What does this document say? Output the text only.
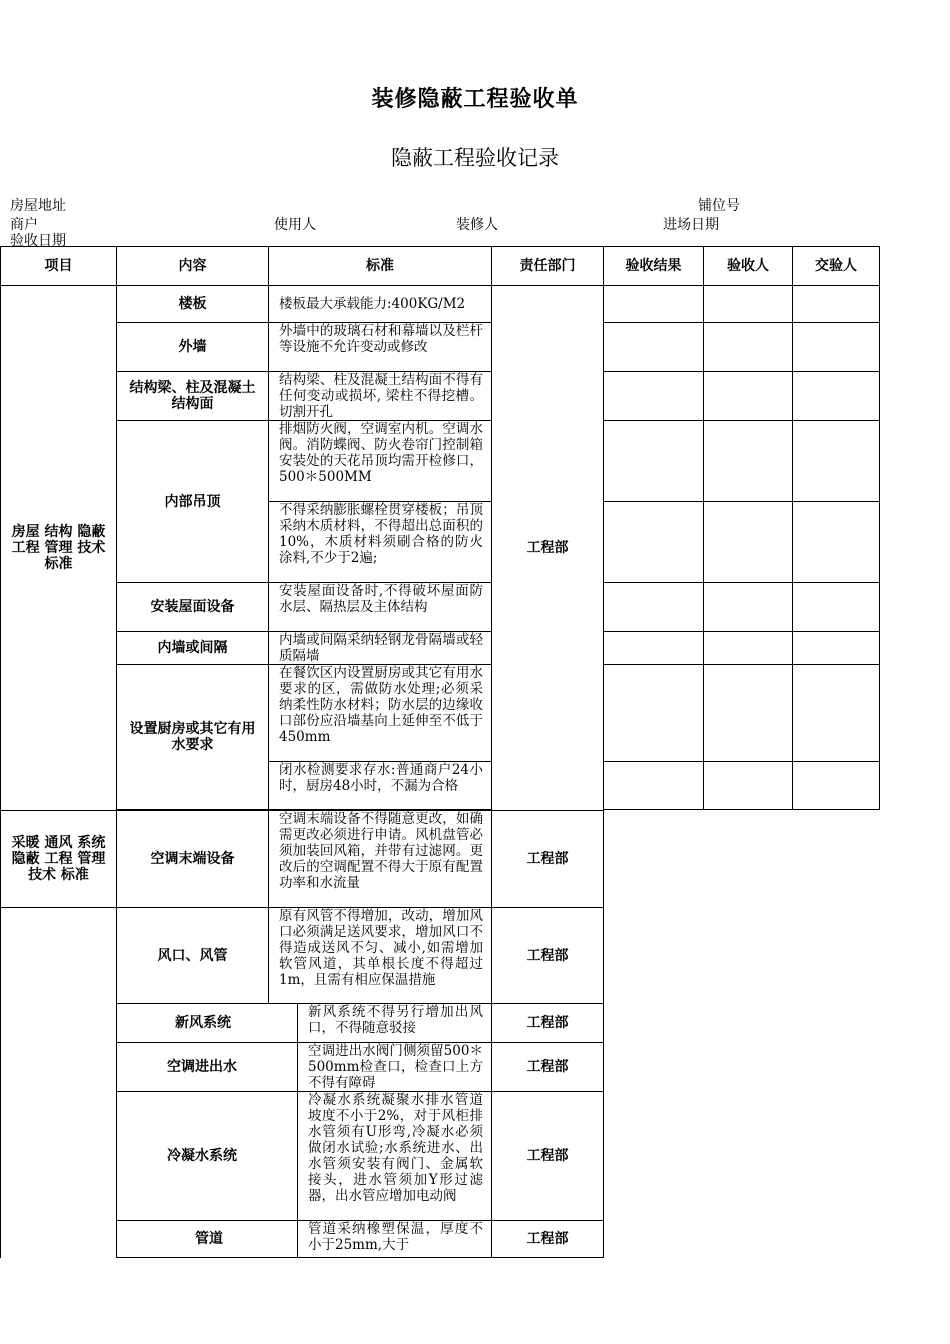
装修隐蔽工程验收单
隐蔽工程验收记录
房屋地址	铺位号
商户	使用人	装修人	进场日期
验收日期
项目	内容	标准		责任部门	验收结果	验收人	交验人
房屋 结构 隐蔽 工程 管理 技术 标准	楼板	楼板最大承载能力:400KG/M2		工程部			
	外墙	外墙中的玻璃石材和幕墙以及栏杆等设施不允许变动或修改					
	结构梁、柱及混凝土结构面	结构梁、柱及混凝土结构面不得有任何变动或损坏, 梁柱不得挖槽。切割开孔					
	内部吊顶	排烟防火阀，空调室内机。空调水阀。消防蝶阀、防火卷帘门控制箱安装处的天花吊顶均需开检修口，500＊500MM					
		不得采纳膨胀螺栓贯穿楼板；吊顶采纳木质材料，不得超出总面积的10%，木质材料须刷合格的防火涂料,不少于2遍;					
	安装屋面设备	安装屋面设备时,不得破坏屋面防水层、隔热层及主体结构					
	内墙或间隔	内墙或间隔采纳轻钢龙骨隔墙或轻质隔墙					
	设置厨房或其它有用水要求	在餐饮区内设置厨房或其它有用水要求的区，需做防水处理;必须采纳柔性防水材料；防水层的边缘收口部份应沿墙基向上延伸至不低于450mm					
		闭水检测要求存水:普通商户24小时，厨房48小时，不漏为合格					

采暖 通风 系统 隐蔽 工程 管理 技术 标准	空调末端设备	空调末端设备不得随意更改，如确需更改必须进行申请。风机盘管必须加装回风箱，并带有过滤网。更改后的空调配置不得大于原有配置功率和水流量		工程部			
	风口、风管	原有风管不得增加，改动，增加风口必须满足送风要求，增加风口不得造成送风不匀、减小,如需增加软管风道，其单根长度不得超过1m，且需有相应保温措施		工程部			
	新风系统		新风系统不得另行增加出风口，不得随意驳接	工程部			
	空调进出水		空调进出水阀门侧须留500＊500mm检查口，检查口上方不得有障碍	工程部			
	冷凝水系统		冷凝水系统凝聚水排水管道坡度不小于2%，对于风柜排水管须有U形弯,冷凝水必须做闭水试验;水系统进水、出水管须安装有阀门、金属软接头，进水管须加Y形过滤器，出水管应增加电动阀	工程部			
	管道		管道采纳橡塑保温，厚度不小于25mm,大于	工程部			
